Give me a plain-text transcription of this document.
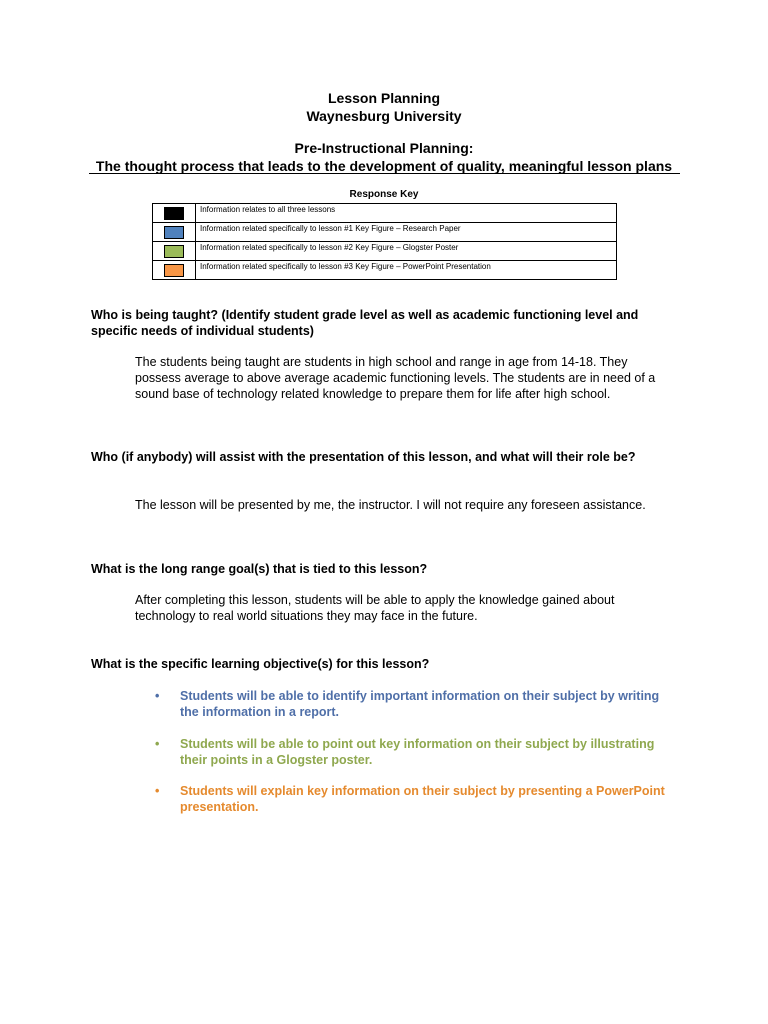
Lesson Planning

Waynesburg University

Pre-Instructional Planning:

The thought process that leads to the development of quality, meaningful lesson plans

Response Key
	Information relates to all three lessons
	Information related specifically to lesson #1 Key Figure – Research Paper
	Information related specifically to lesson #2 Key Figure – Glogster Poster
	Information related specifically to lesson #3 Key Figure – PowerPoint Presentation

Who is being taught? (Identify student grade level as well as academic functioning level and specific needs of individual students)

The students being taught are students in high school and range in age from 14-18. They possess average to above average academic functioning levels. The students are in need of a sound base of technology related knowledge to prepare them for life after high school.

Who (if anybody) will assist with the presentation of this lesson, and what will their role be?

The lesson will be presented by me, the instructor. I will not require any foreseen assistance.

What is the long range goal(s) that is tied to this lesson?

After completing this lesson, students will be able to apply the knowledge gained about technology to real world situations they may face in the future.

What is the specific learning objective(s) for this lesson?

•	Students will be able to identify important information on their subject by writing the information in a report.
•	Students will be able to point out key information on their subject by illustrating their points in a Glogster poster.
•	Students will explain key information on their subject by presenting a PowerPoint presentation.
